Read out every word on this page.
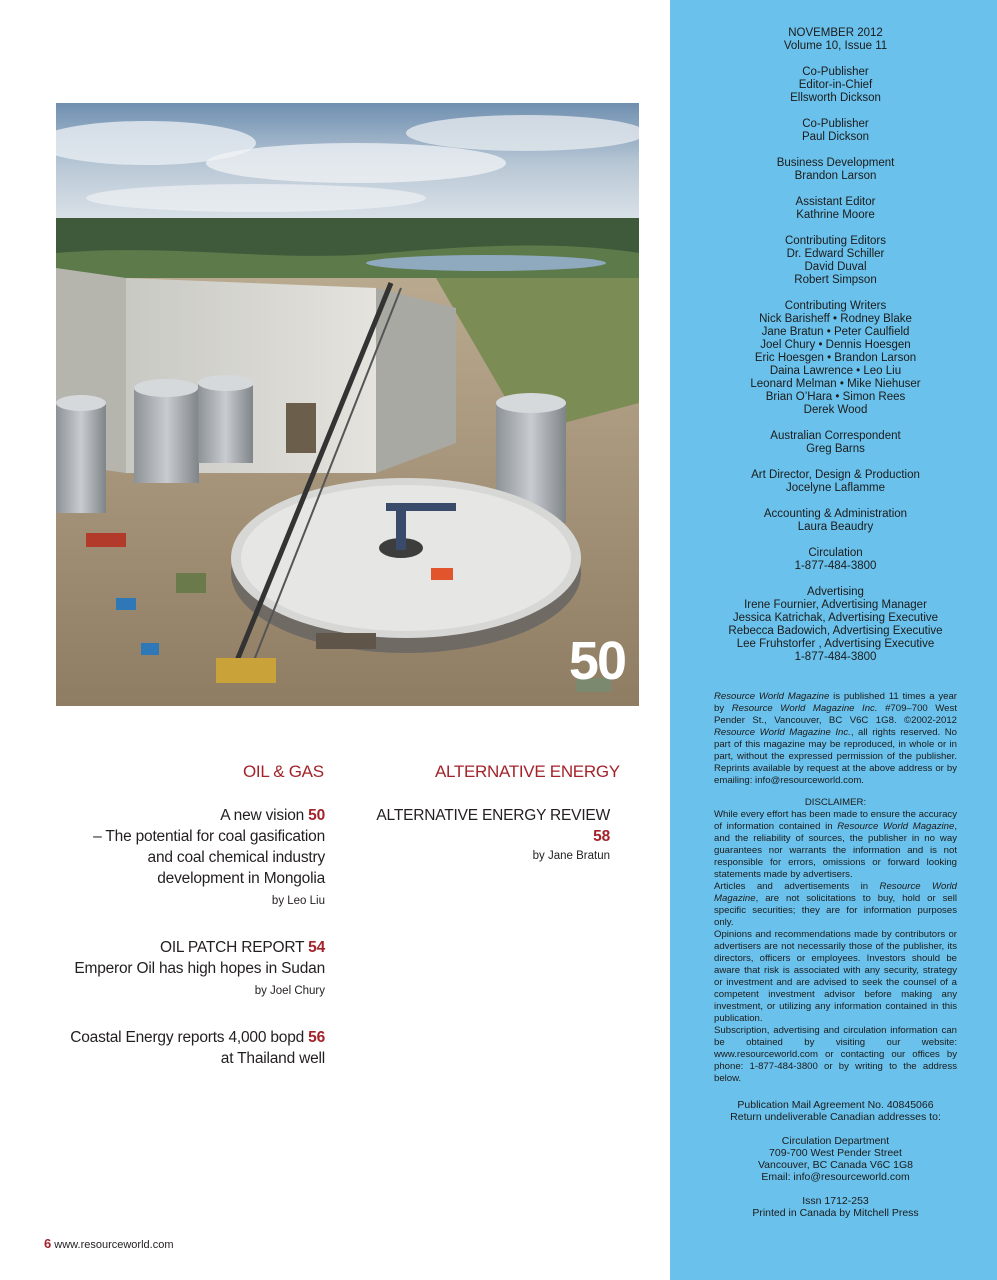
50
OIL & GAS	ALTERNATIVE ENERGY
A new vision 50
– The potential for coal gasification
and coal chemical industry
development in Mongolia
by Leo Liu
OIL PATCH REPORT 54
Emperor Oil has high hopes in Sudan
by Joel Chury
Coastal Energy reports 4,000 bopd 56
at Thailand well
ALTERNATIVE ENERGY REVIEW 58
by Jane Bratun
6 www.resourceworld.com
NOVEMBER 2012
Volume 10, Issue 11
Co-Publisher
Editor-in-Chief
Ellsworth Dickson
Co-Publisher
Paul Dickson
Business Development
Brandon Larson
Assistant Editor
Kathrine Moore
Contributing Editors
Dr. Edward Schiller
David Duval
Robert Simpson
Contributing Writers
Nick Barisheff • Rodney Blake
Jane Bratun • Peter Caulfield
Joel Chury • Dennis Hoesgen
Eric Hoesgen • Brandon Larson
Daina Lawrence • Leo Liu
Leonard Melman • Mike Niehuser
Brian O’Hara • Simon Rees
Derek Wood
Australian Correspondent
Greg Barns
Art Director, Design & Production
Jocelyne Laflamme
Accounting & Administration
Laura Beaudry
Circulation
1-877-484-3800
Advertising
Irene Fournier, Advertising Manager
Jessica Katrichak, Advertising Executive
Rebecca Badowich, Advertising Executive
Lee Fruhstorfer , Advertising Executive
1-877-484-3800
Resource World Magazine is published 11 times a year by Resource World Magazine Inc. #709–700 West Pender St., Vancouver, BC V6C 1G8. ©2002-2012 Resource World Magazine Inc., all rights reserved. No part of this magazine may be reproduced, in whole or in part, without the expressed permission of the publisher. Reprints available by request at the above address or by emailing: info@resourceworld.com.
DISCLAIMER:

While every effort has been made to ensure the accuracy of information contained in Resource World Magazine, and the reliability of sources, the publisher in no way guarantees nor warrants the information and is not responsible for errors, omissions or forward looking statements made by advertisers.

Articles and advertisements in Resource World Magazine, are not solicitations to buy, hold or sell specific securities; they are for information purposes only.

Opinions and recommendations made by contributors or advertisers are not necessarily those of the publisher, its directors, officers or employees. Investors should be aware that risk is associated with any security, strategy or investment and are advised to seek the counsel of a competent investment advisor before making any investment, or utilizing any information contained in this publication.

Subscription, advertising and circulation information can be obtained by visiting our website: www.resourceworld.com or contacting our offices by phone: 1-877-484-3800 or by writing to the address below.

Publication Mail Agreement No. 40845066
Return undeliverable Canadian addresses to:
Circulation Department
709-700 West Pender Street
Vancouver, BC Canada V6C 1G8
Email: info@resourceworld.com
Issn 1712-253
Printed in Canada by Mitchell Press
